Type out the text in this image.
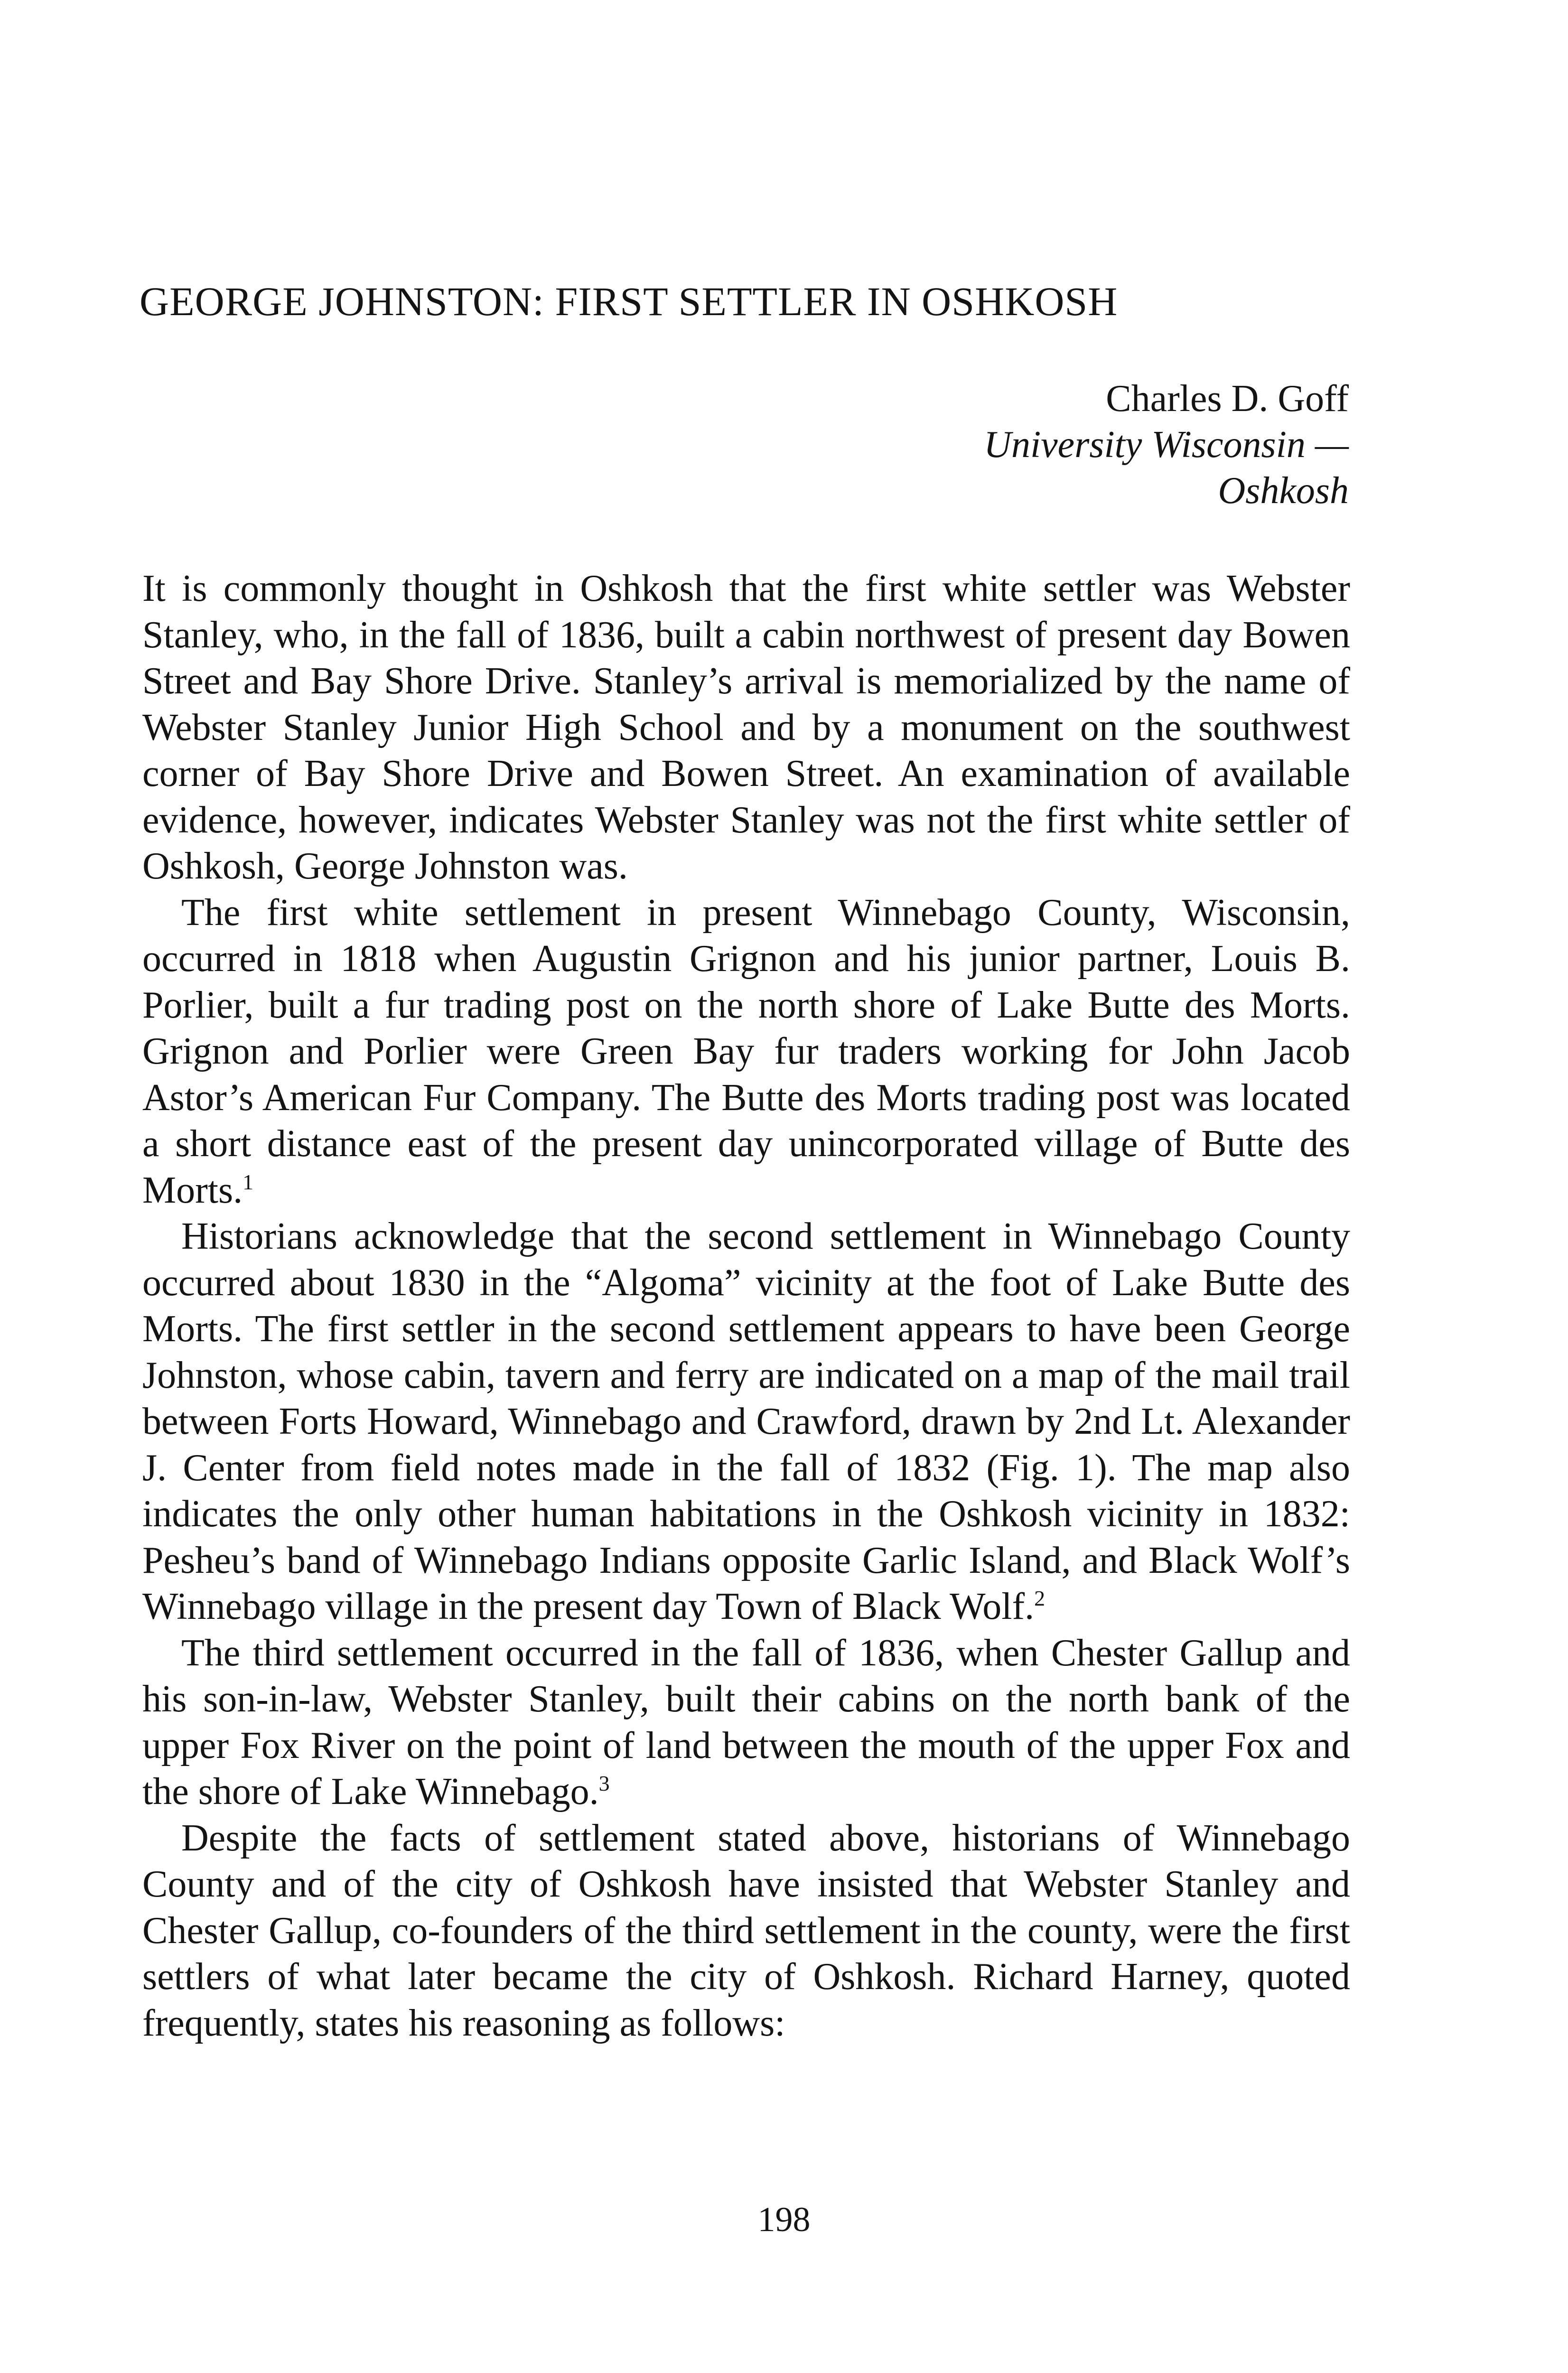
GEORGE JOHNSTON: FIRST SETTLER IN OSHKOSH
Charles D. Goff
University Wisconsin —
Oshkosh

It is commonly thought in Oshkosh that the first white settler was Webster Stanley, who, in the fall of 1836, built a cabin northwest of present day Bowen Street and Bay Shore Drive. Stanley’s arrival is memorialized by the name of Webster Stanley Junior High School and by a monument on the southwest corner of Bay Shore Drive and Bowen Street. An examination of available evidence, however, indicates Webster Stanley was not the first white settler of Oshkosh, George Johnston was.

The first white settlement in present Winnebago County, Wisconsin, occurred in 1818 when Augustin Grignon and his junior partner, Louis B. Porlier, built a fur trading post on the north shore of Lake Butte des Morts. Grignon and Porlier were Green Bay fur traders working for John Jacob Astor’s American Fur Company. The Butte des Morts trading post was located a short distance east of the present day unincorporated village of Butte des Morts.$^1$

Historians acknowledge that the second settlement in Winnebago County occurred about 1830 in the “Algoma” vicinity at the foot of Lake Butte des Morts. The first settler in the second settlement appears to have been George Johnston, whose cabin, tavern and ferry are indicated on a map of the mail trail between Forts Howard, Winnebago and Crawford, drawn by 2nd Lt. Alexander J. Center from field notes made in the fall of 1832 (Fig. 1). The map also indicates the only other human habitations in the Oshkosh vicinity in 1832: Pesheu’s band of Winnebago Indians opposite Garlic Island, and Black Wolf’s Winnebago village in the present day Town of Black Wolf.$^2$

The third settlement occurred in the fall of 1836, when Chester Gallup and his son-in-law, Webster Stanley, built their cabins on the north bank of the upper Fox River on the point of land between the mouth of the upper Fox and the shore of Lake Winnebago.$^3$

Despite the facts of settlement stated above, historians of Winnebago County and of the city of Oshkosh have insisted that Webster Stanley and Chester Gallup, co-founders of the third settlement in the county, were the first settlers of what later became the city of Oshkosh. Richard Harney, quoted frequently, states his reasoning as follows:

198
